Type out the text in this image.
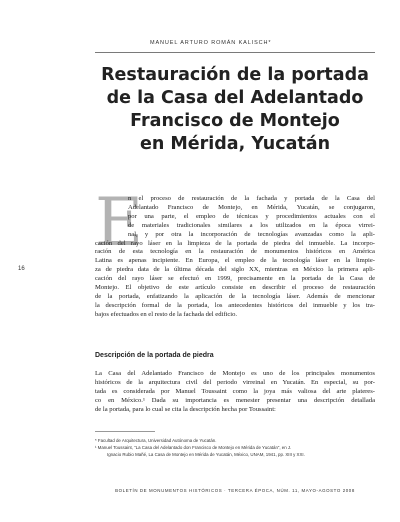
MANUEL ARTURO ROMÁN KALISCH*
Restauración de la portada
de la Casa del Adelantado
Francisco de Montejo
en Mérida, Yucatán
16
E
n el proceso de restauración de la fachada y portada de la Casa del
Adelantado Francisco de Montejo, en Mérida, Yucatán, se conjugaron,
por una parte, el empleo de técnicas y procedimientos actuales con el
de materiales tradicionales similares a los utilizados en la época virrei-
nal, y por otra la incorporación de tecnologías avanzadas como la apli-
cación del rayo láser en la limpieza de la portada de piedra del inmueble. La incorpo-
ración de esta tecnología en la restauración de monumentos históricos en América
Latina es apenas incipiente. En Europa, el empleo de la tecnología láser en la limpie-
za de piedra data de la última década del siglo XX, mientras en México la primera apli-
cación del rayo láser se efectuó en 1999, precisamente en la portada de la Casa de
Montejo. El objetivo de este artículo consiste en describir el proceso de restauración
de la portada, enfatizando la aplicación de la tecnología láser. Además de mencionar
la descripción formal de la portada, los antecedentes históricos del inmueble y los tra-
bajos efectuados en el resto de la fachada del edificio.
Descripción de la portada de piedra
La Casa del Adelantado Francisco de Montejo es uno de los principales monumentos
históricos de la arquitectura civil del periodo virreinal en Yucatán. En especial, su por-
tada es considerada por Manuel Toussaint como la joya más valiosa del arte plateres-
co en México.¹ Dada su importancia es menester presentar una descripción detallada
de la portada, para lo cual se cita la descripción hecha por Toussaint:
* Facultad de Arquitectura, Universidad Autónoma de Yucatán.
¹ Manuel Toussaint, “La Casa del Adelantado don Francisco de Montejo en Mérida de Yucatán”, en J.
Ignacio Rubio Mañé, La Casa de Montejo en Mérida de Yucatán, México, UNAM, 1941, pp. XIII y XXI.
BOLETÍN DE MONUMENTOS HISTÓRICOS · TERCERA ÉPOCA, NÚM. 11, MAYO-AGOSTO 2008
